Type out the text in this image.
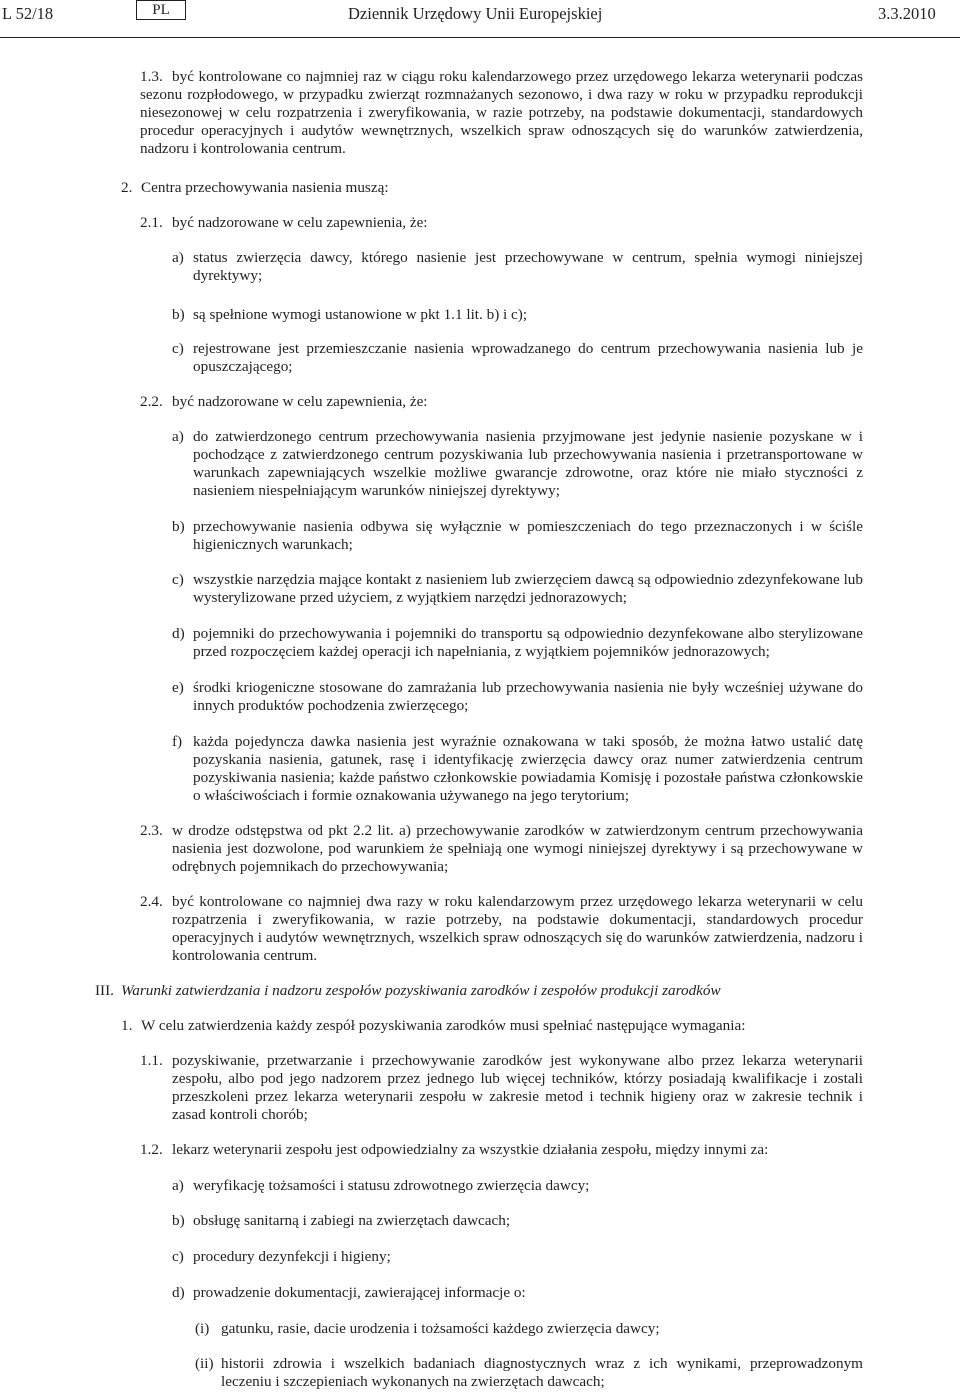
L 52/18	PL	Dziennik Urzędowy Unii Europejskiej	3.3.2010
1.3. być kontrolowane co najmniej raz w ciągu roku kalendarzowego przez urzędowego lekarza weterynarii podczas sezonu rozpłodowego, w przypadku zwierząt rozmnażanych sezonowo, i dwa razy w roku w przypadku reprodukcji niesezonowej w celu rozpatrzenia i zweryfikowania, w razie potrzeby, na podstawie dokumentacji, standardowych procedur operacyjnych i audytów wewnętrznych, wszelkich spraw odnoszących się do warunków zatwierdzenia, nadzoru i kontrolowania centrum.
2. Centra przechowywania nasienia muszą:
2.1. być nadzorowane w celu zapewnienia, że:
a) status zwierzęcia dawcy, którego nasienie jest przechowywane w centrum, spełnia wymogi niniejszej dyrektywy;
b) są spełnione wymogi ustanowione w pkt 1.1 lit. b) i c);
c) rejestrowane jest przemieszczanie nasienia wprowadzanego do centrum przechowywania nasienia lub je opuszczającego;
2.2. być nadzorowane w celu zapewnienia, że:
a) do zatwierdzonego centrum przechowywania nasienia przyjmowane jest jedynie nasienie pozyskane w i pochodzące z zatwierdzonego centrum pozyskiwania lub przechowywania nasienia i przetransportowane w warunkach zapewniających wszelkie możliwe gwarancje zdrowotne, oraz które nie miało styczności z nasieniem niespełniającym warunków niniejszej dyrektywy;
b) przechowywanie nasienia odbywa się wyłącznie w pomieszczeniach do tego przeznaczonych i w ściśle higienicznych warunkach;
c) wszystkie narzędzia mające kontakt z nasieniem lub zwierzęciem dawcą są odpowiednio zdezynfekowane lub wysterylizowane przed użyciem, z wyjątkiem narzędzi jednorazowych;
d) pojemniki do przechowywania i pojemniki do transportu są odpowiednio dezynfekowane albo sterylizowane przed rozpoczęciem każdej operacji ich napełniania, z wyjątkiem pojemników jednorazowych;
e) środki kriogeniczne stosowane do zamrażania lub przechowywania nasienia nie były wcześniej używane do innych produktów pochodzenia zwierzęcego;
f) każda pojedyncza dawka nasienia jest wyraźnie oznakowana w taki sposób, że można łatwo ustalić datę pozyskania nasienia, gatunek, rasę i identyfikację zwierzęcia dawcy oraz numer zatwierdzenia centrum pozyskiwania nasienia; każde państwo członkowskie powiadamia Komisję i pozostałe państwa członkowskie o właściwościach i formie oznakowania używanego na jego terytorium;
2.3. w drodze odstępstwa od pkt 2.2 lit. a) przechowywanie zarodków w zatwierdzonym centrum przechowywania nasienia jest dozwolone, pod warunkiem że spełniają one wymogi niniejszej dyrektywy i są przechowywane w odrębnych pojemnikach do przechowywania;
2.4. być kontrolowane co najmniej dwa razy w roku kalendarzowym przez urzędowego lekarza weterynarii w celu rozpatrzenia i zweryfikowania, w razie potrzeby, na podstawie dokumentacji, standardowych procedur operacyjnych i audytów wewnętrznych, wszelkich spraw odnoszących się do warunków zatwierdzenia, nadzoru i kontrolowania centrum.
III. Warunki zatwierdzania i nadzoru zespołów pozyskiwania zarodków i zespołów produkcji zarodków
1. W celu zatwierdzenia każdy zespół pozyskiwania zarodków musi spełniać następujące wymagania:
1.1. pozyskiwanie, przetwarzanie i przechowywanie zarodków jest wykonywane albo przez lekarza weterynarii zespołu, albo pod jego nadzorem przez jednego lub więcej techników, którzy posiadają kwalifikacje i zostali przeszkoleni przez lekarza weterynarii zespołu w zakresie metod i technik higieny oraz w zakresie technik i zasad kontroli chorób;
1.2. lekarz weterynarii zespołu jest odpowiedzialny za wszystkie działania zespołu, między innymi za:
a) weryfikację tożsamości i statusu zdrowotnego zwierzęcia dawcy;
b) obsługę sanitarną i zabiegi na zwierzętach dawcach;
c) procedury dezynfekcji i higieny;
d) prowadzenie dokumentacji, zawierającej informacje o:
(i) gatunku, rasie, dacie urodzenia i tożsamości każdego zwierzęcia dawcy;
(ii) historii zdrowia i wszelkich badaniach diagnostycznych wraz z ich wynikami, przeprowadzonym leczeniu i szczepieniach wykonanych na zwierzętach dawcach;
